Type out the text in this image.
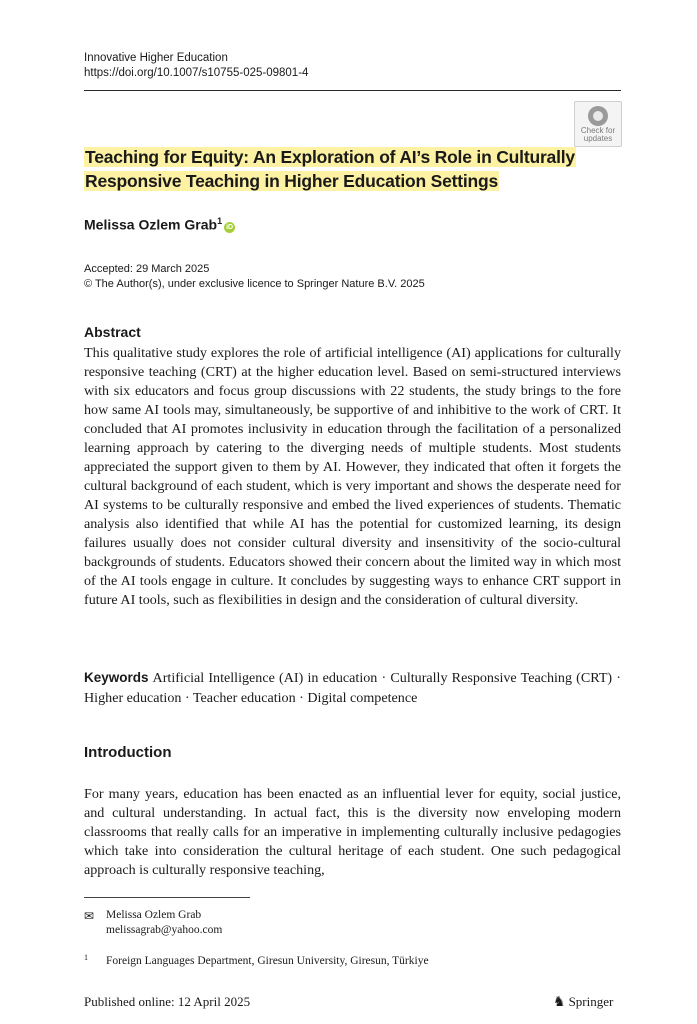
Innovative Higher Education
https://doi.org/10.1007/s10755-025-09801-4
Check for
updates
Teaching for Equity: An Exploration of AI’s Role in Culturally Responsive Teaching in Higher Education Settings
Melissa Ozlem Grab$^1$iD
Accepted: 29 March 2025
© The Author(s), under exclusive licence to Springer Nature B.V. 2025
Abstract
This qualitative study explores the role of artificial intelligence (AI) applications for culturally responsive teaching (CRT) at the higher education level. Based on semi-structured interviews with six educators and focus group discussions with 22 students, the study brings to the fore how same AI tools may, simultaneously, be supportive of and inhibitive to the work of CRT. It concluded that AI promotes inclusivity in education through the facilitation of a personalized learning approach by catering to the diverging needs of multiple students. Most students appreciated the support given to them by AI. However, they indicated that often it forgets the cultural background of each student, which is very important and shows the desperate need for AI systems to be culturally responsive and embed the lived experiences of students. Thematic analysis also identified that while AI has the potential for customized learning, its design failures usually does not consider cultural diversity and insensitivity of the socio-cultural backgrounds of students. Educators showed their concern about the limited way in which most of the AI tools engage in culture. It concludes by suggesting ways to enhance CRT support in future AI tools, such as flexibilities in design and the consideration of cultural diversity.
Keywords Artificial Intelligence (AI) in education · Culturally Responsive Teaching (CRT) · Higher education · Teacher education · Digital competence
Introduction
For many years, education has been enacted as an influential lever for equity, social justice, and cultural understanding. In actual fact, this is the diversity now enveloping modern classrooms that really calls for an imperative in implementing culturally inclusive pedagogies which take into consideration the cultural heritage of each student. One such pedagogical approach is culturally responsive teaching,
✉ Melissa Ozlem Grab
melissagrab@yahoo.com
1 Foreign Languages Department, Giresun University, Giresun, Türkiye
Published online: 12 April 2025	♞ Springer
